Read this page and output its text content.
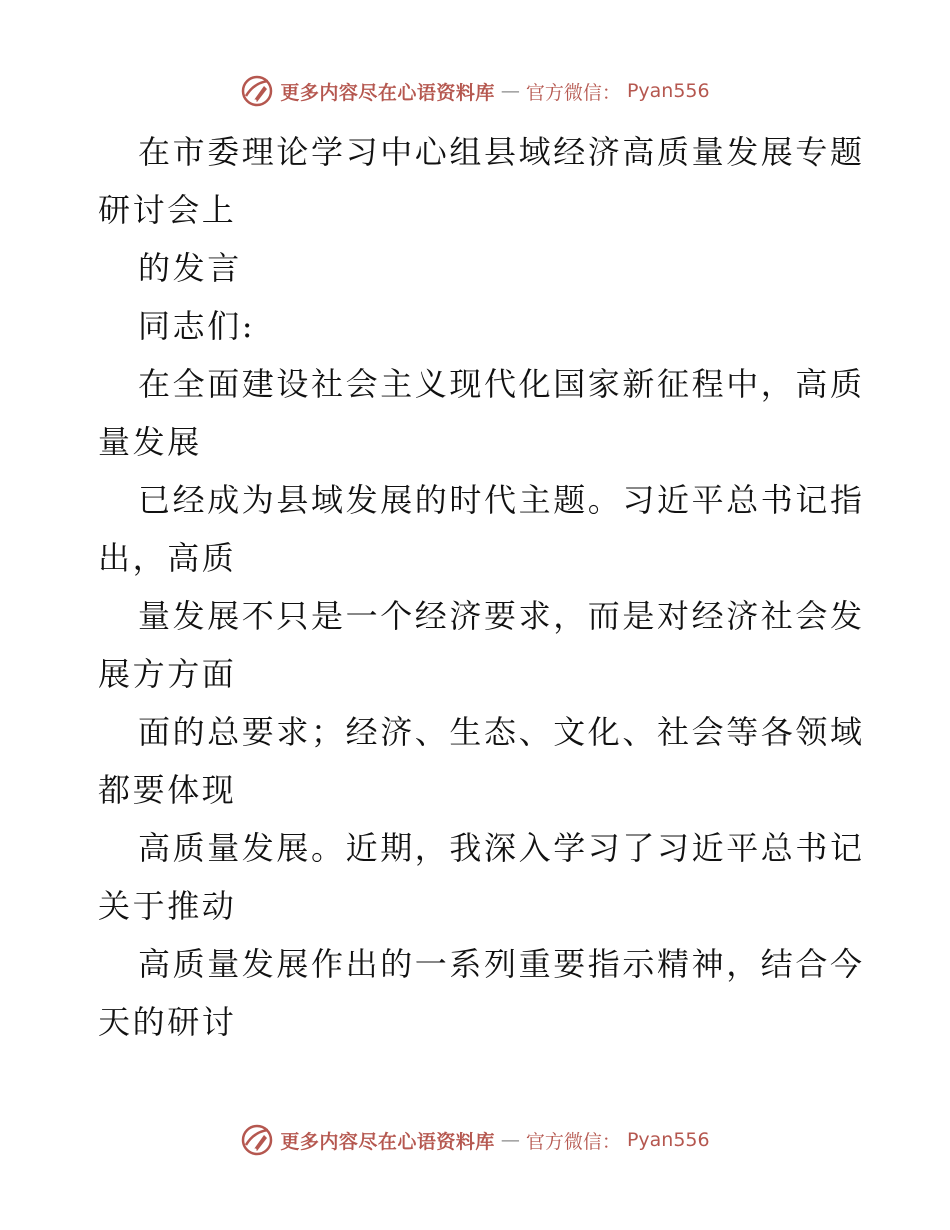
更多内容尽在心语资料库 — 官方微信： Pyan556
在市委理论学习中心组县域经济高质量发展专题
研讨会上
的发言
同志们:
在全面建设社会主义现代化国家新征程中，高质
量发展
已经成为县域发展的时代主题。习近平总书记指
出，高质
量发展不只是一个经济要求，而是对经济社会发
展方方面
面的总要求；经济、生态、文化、社会等各领域
都要体现
高质量发展。近期，我深入学习了习近平总书记
关于推动
高质量发展作出的一系列重要指示精神，结合今
天的研讨
更多内容尽在心语资料库 — 官方微信： Pyan556
